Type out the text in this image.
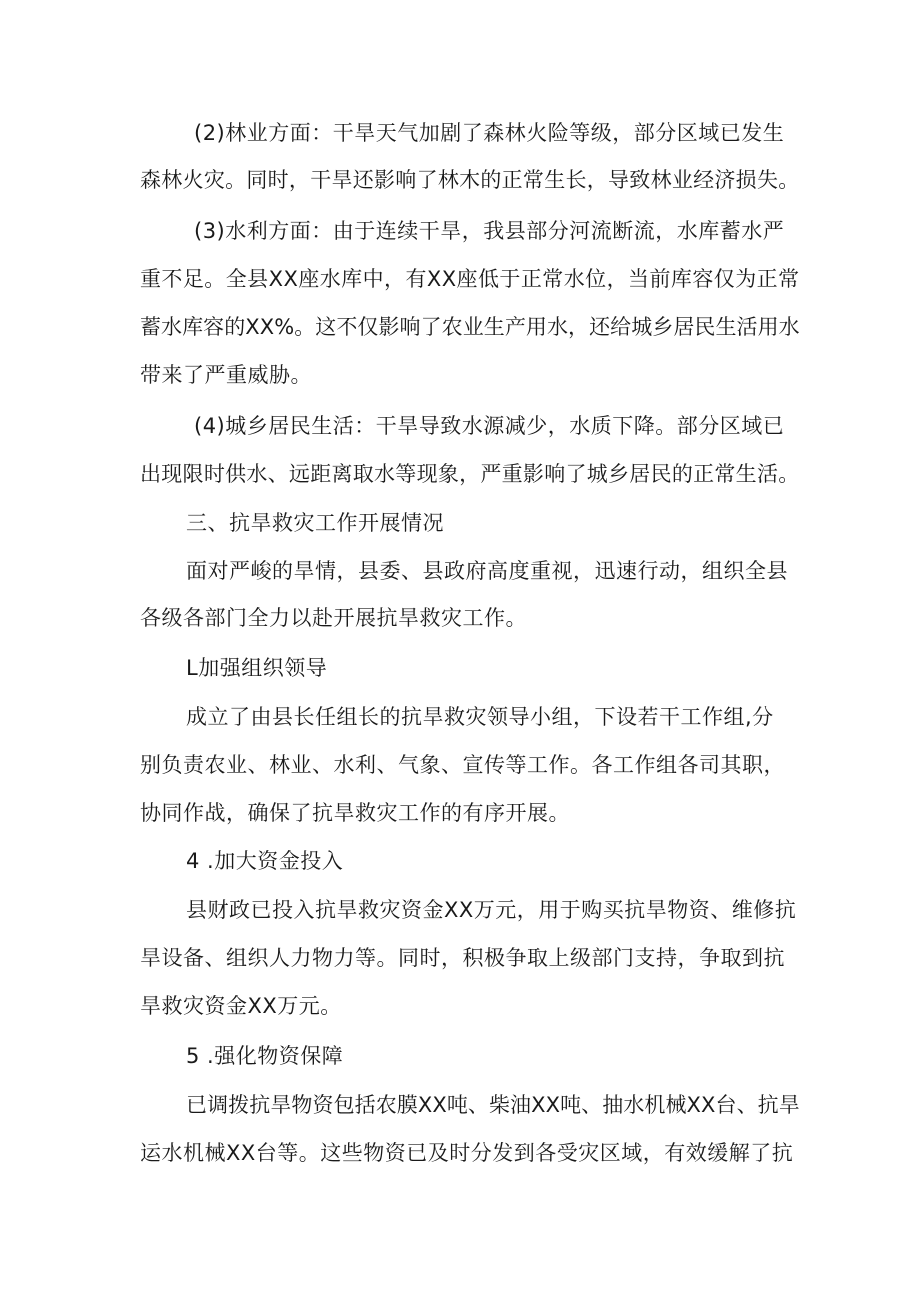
(2)林业方面：干旱天气加剧了森林火险等级，部分区域已发生
森林火灾。同时，干旱还影响了林木的正常生长，导致林业经济损失。
(3)水利方面：由于连续干旱，我县部分河流断流，水库蓄水严
重不足。全县XX座水库中，有XX座低于正常水位，当前库容仅为正常
蓄水库容的XX%。这不仅影响了农业生产用水，还给城乡居民生活用水
带来了严重威胁。
(4)城乡居民生活：干旱导致水源减少，水质下降。部分区域已
出现限时供水、远距离取水等现象，严重影响了城乡居民的正常生活。
三、抗旱救灾工作开展情况
面对严峻的旱情，县委、县政府高度重视，迅速行动，组织全县
各级各部门全力以赴开展抗旱救灾工作。
L加强组织领导
成立了由县长任组长的抗旱救灾领导小组，下设若干工作组,分
别负责农业、林业、水利、气象、宣传等工作。各工作组各司其职，
协同作战，确保了抗旱救灾工作的有序开展。
4 .加大资金投入
县财政已投入抗旱救灾资金XX万元，用于购买抗旱物资、维修抗
旱设备、组织人力物力等。同时，积极争取上级部门支持，争取到抗
旱救灾资金XX万元。
5 .强化物资保障
已调拨抗旱物资包括农膜XX吨、柴油XX吨、抽水机械XX台、抗旱
运水机械XX台等。这些物资已及时分发到各受灾区域，有效缓解了抗
